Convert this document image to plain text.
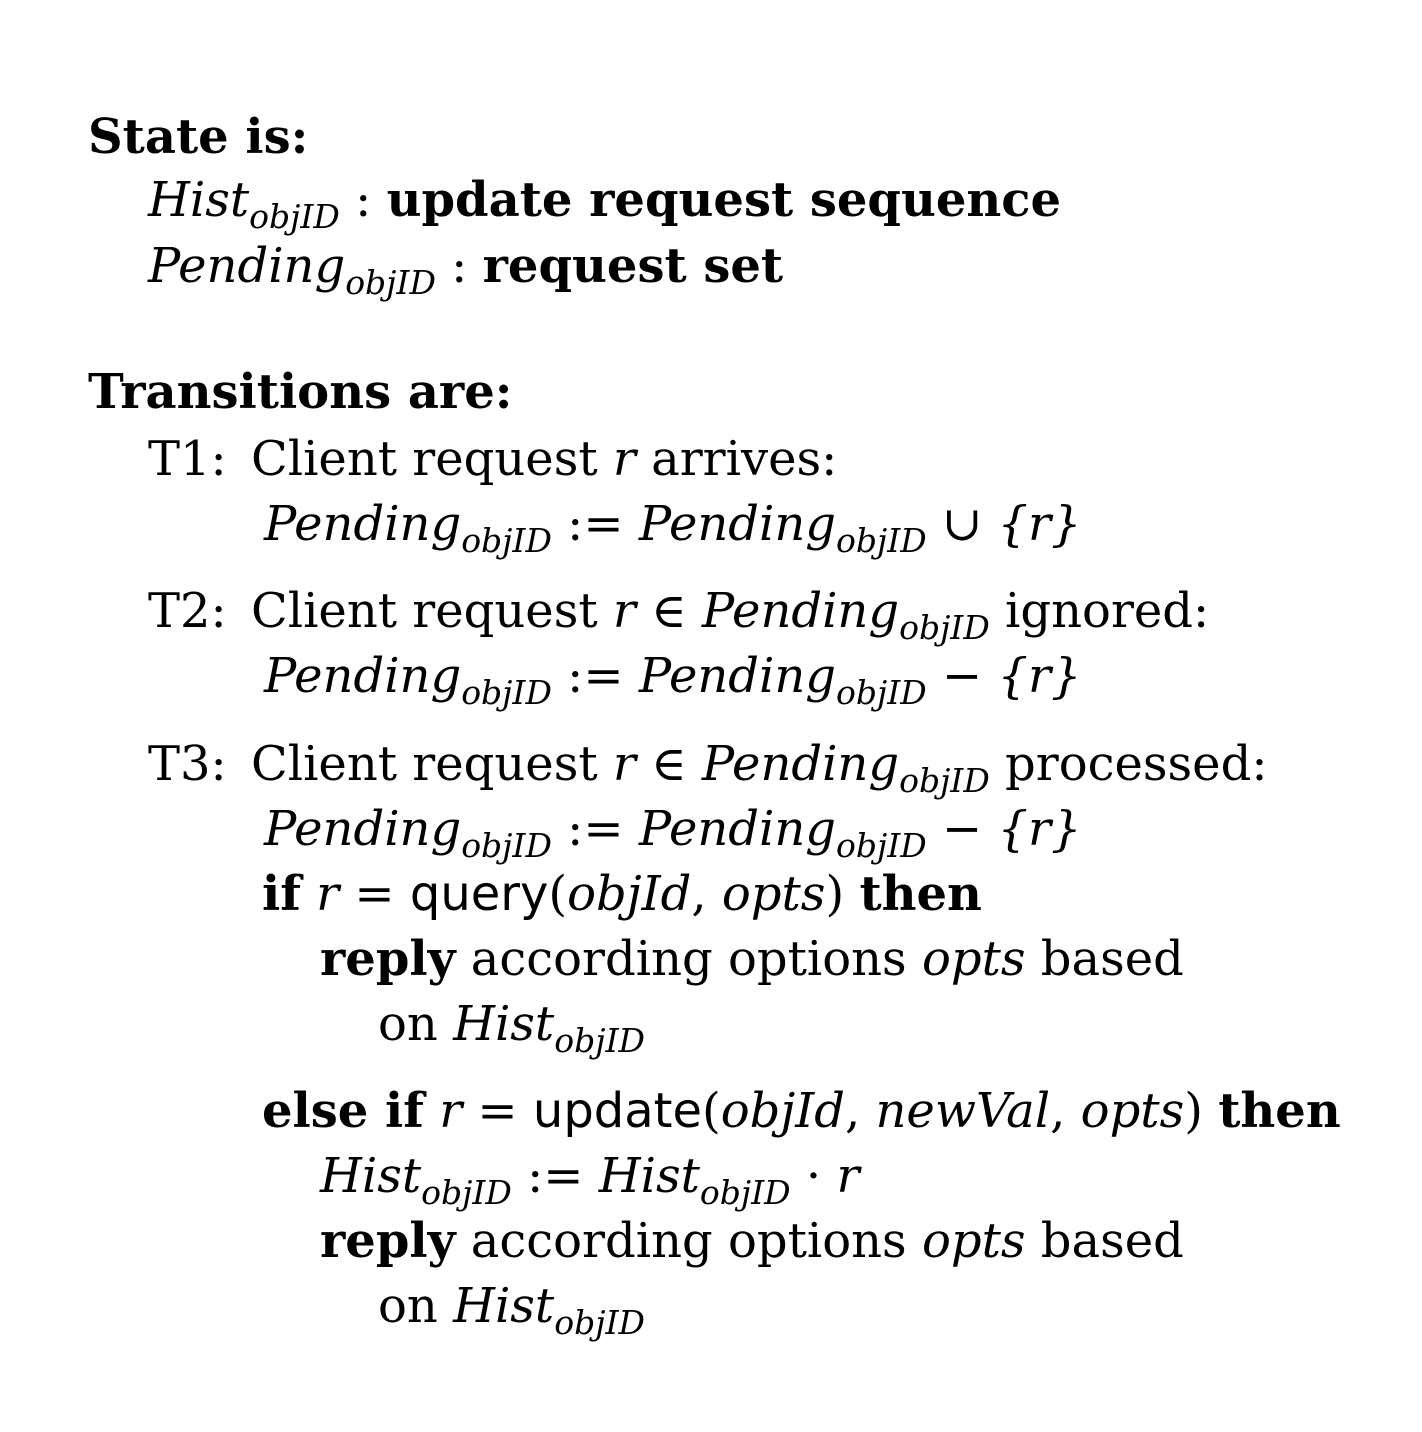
State is:
Hist$_{objID}$ : update request sequence
Pending$_{objID}$ : request set
Transitions are:
T1: Client request r arrives:
Pending$_{objID}$ := Pending$_{objID}$ ∪ {r}
T2: Client request r ∈ Pending$_{objID}$ ignored:
Pending$_{objID}$ := Pending$_{objID}$ − {r}
T3: Client request r ∈ Pending$_{objID}$ processed:
Pending$_{objID}$ := Pending$_{objID}$ − {r}
if r = query(objId, opts) then
reply according options opts based
on Hist$_{objID}$
else if r = update(objId, newVal, opts) then
Hist$_{objID}$ := Hist$_{objID}$ · r
reply according options opts based
on Hist$_{objID}$
